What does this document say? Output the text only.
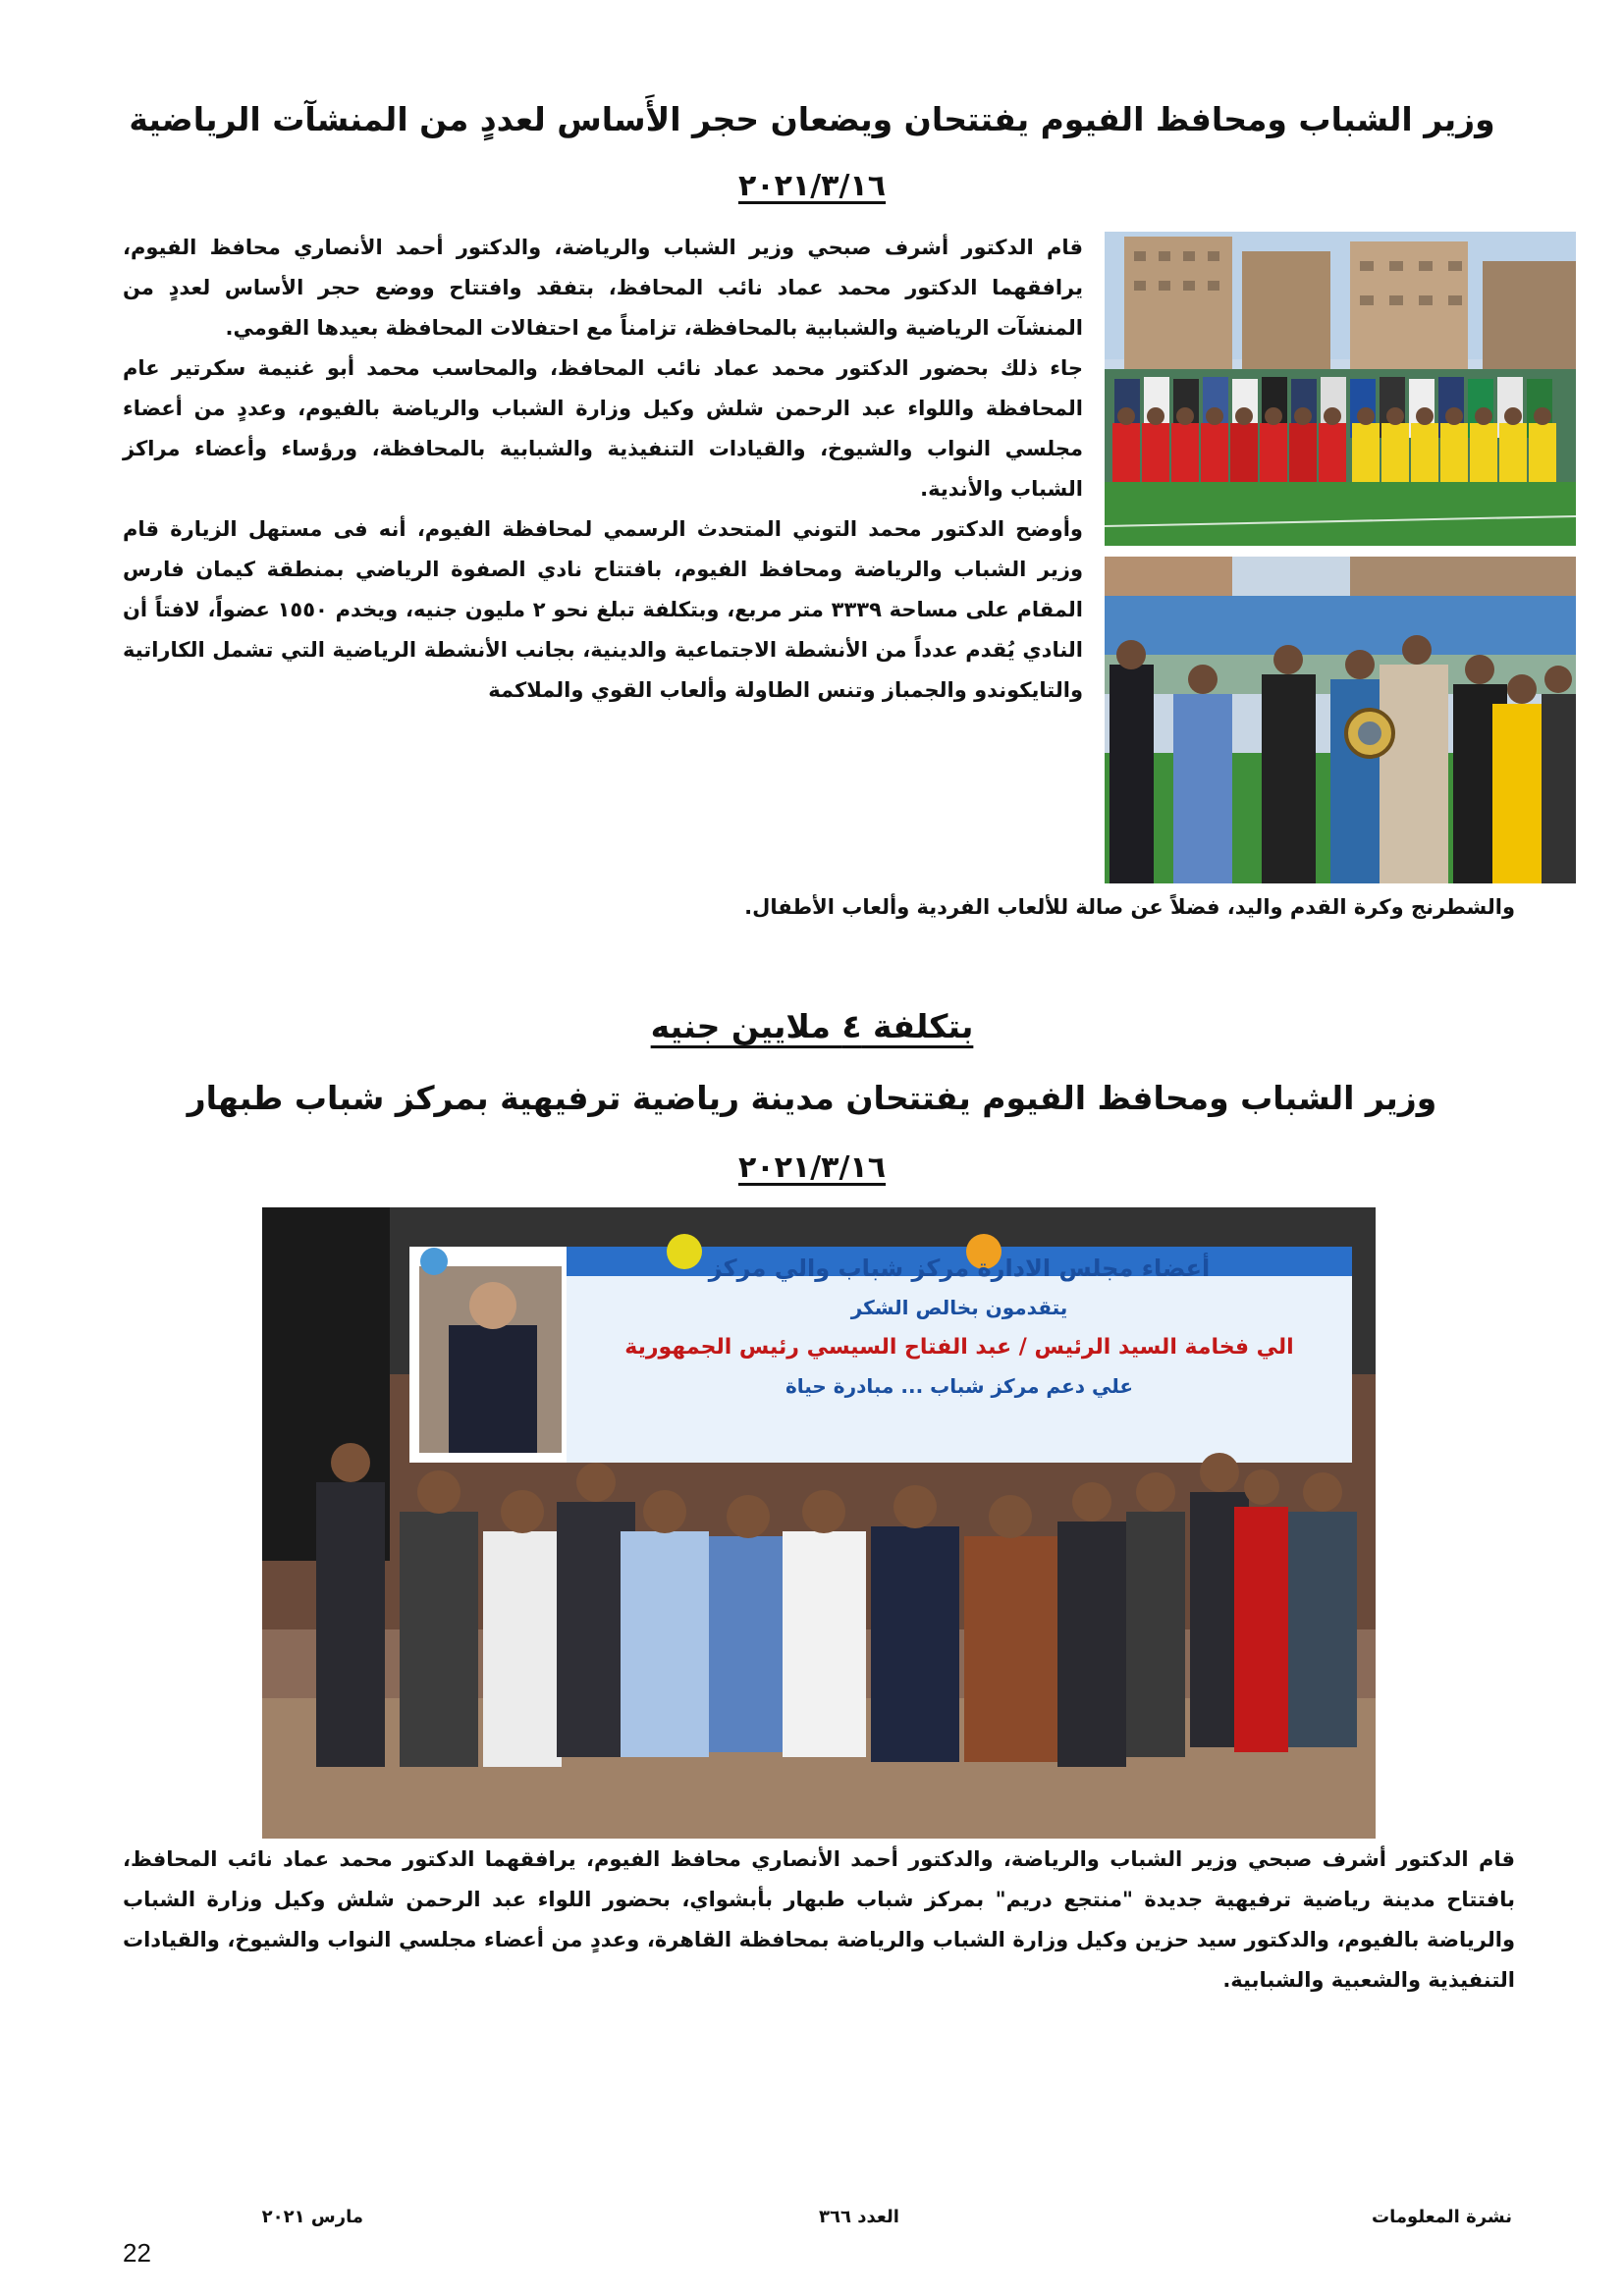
وزير الشباب ومحافظ الفيوم يفتتحان ويضعان حجر الأَساس لعددٍ من المنشآت الرياضية
٢٠٢١/٣/١٦

قام الدكتور أشرف صبحي وزير الشباب والرياضة، والدكتور أحمد الأنصاري محافظ الفيوم، يرافقهما الدكتور محمد عماد نائب المحافظ، بتفقد وافتتاح ووضع حجر الأساس لعددٍ من المنشآت الرياضية والشبابية بالمحافظة، تزامناً مع احتفالات المحافظة بعيدها القومي.

جاء ذلك بحضور الدكتور محمد عماد نائب المحافظ، والمحاسب محمد أبو غنيمة سكرتير عام المحافظة واللواء عبد الرحمن شلش وكيل وزارة الشباب والرياضة بالفيوم، وعددٍ من أعضاء مجلسي النواب والشيوخ، والقيادات التنفيذية والشبابية بالمحافظة، ورؤساء وأعضاء مراكز الشباب والأندية.

وأوضح الدكتور محمد التوني المتحدث الرسمي لمحافظة الفيوم، أنه فى مستهل الزيارة قام وزير الشباب والرياضة ومحافظ الفيوم، بافتتاح نادي الصفوة الرياضي بمنطقة كيمان فارس المقام على مساحة ٣٣٣٩ متر مربع، وبتكلفة تبلغ نحو ٢ مليون جنيه، ويخدم ١٥٥٠ عضواً، لافتاً أن النادي يُقدم عدداً من الأنشطة الاجتماعية والدينية، بجانب الأنشطة الرياضية التي تشمل الكاراتية والتايكوندو والجمباز وتنس الطاولة وألعاب القوي والملاكمة

والشطرنج وكرة القدم واليد، فضلاً عن صالة للألعاب الفردية وألعاب الأطفال.
بتكلفة ٤ ملايين جنيه
وزير الشباب ومحافظ الفيوم يفتتحان مدينة رياضية ترفيهية بمركز شباب طبهار
٢٠٢١/٣/١٦
أعضاء مجلس الادارة مركز شباب والي مركز
يتقدمون بخالص الشكر
الي فخامة السيد الرئيس / عبد الفتاح السيسي رئيس الجمهورية
علي دعم مركز شباب ... مبادرة حياة

قام الدكتور أشرف صبحي وزير الشباب والرياضة، والدكتور أحمد الأنصاري محافظ الفيوم، يرافقهما الدكتور محمد عماد نائب المحافظ، بافتتاح مدينة رياضية ترفيهية جديدة "منتجع دريم" بمركز شباب طبهار بأبشواي، بحضور اللواء عبد الرحمن شلش وكيل وزارة الشباب والرياضة بالفيوم، والدكتور سيد حزين وكيل وزارة الشباب والرياضة بمحافظة القاهرة، وعددٍ من أعضاء مجلسي النواب والشيوخ، والقيادات التنفيذية والشعبية والشبابية.

نشرة المعلومات
العدد ٣٦٦
مارس ٢٠٢١
22
